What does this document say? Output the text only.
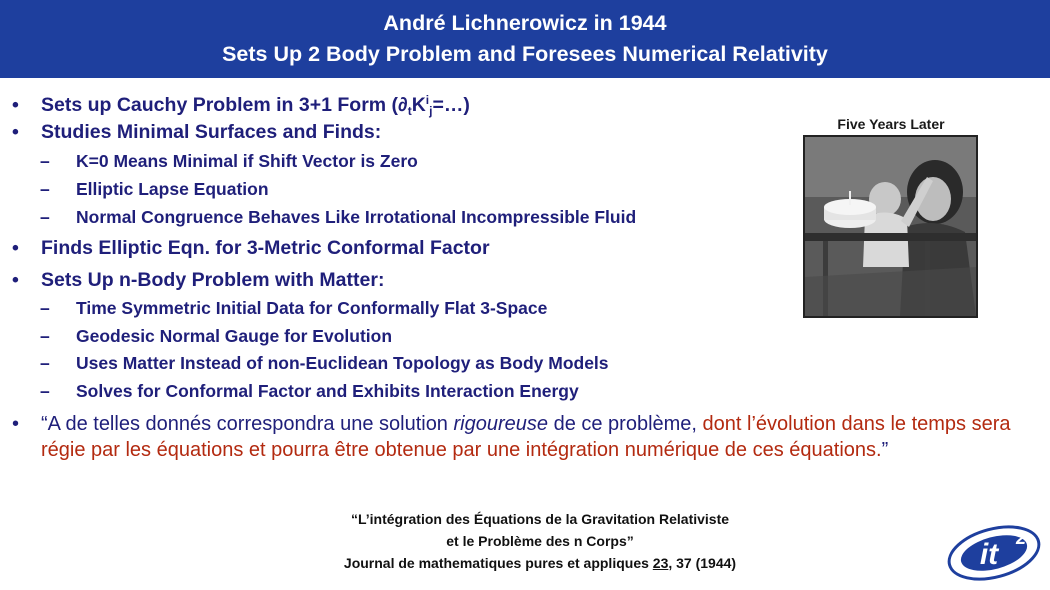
André Lichnerowicz in 1944
Sets Up 2 Body Problem and Foresees Numerical Relativity
Five Years Later
• Sets up Cauchy Problem in 3+1 Form $(\partial_tK^i_j=\dots)$
• Studies Minimal Surfaces and Finds:
– K=0 Means Minimal if Shift Vector is Zero
– Elliptic Lapse Equation
– Normal Congruence Behaves Like Irrotational Incompressible Fluid
• Finds Elliptic Eqn. for 3-Metric Conformal Factor
• Sets Up n-Body Problem with Matter:
– Time Symmetric Initial Data for Conformally Flat 3-Space
– Geodesic Normal Gauge for Evolution
– Uses Matter Instead of non-Euclidean Topology as Body Models
– Solves for Conformal Factor and Exhibits Interaction Energy
• “A de telles donnés correspondra une solution rigoureuse de ce problème, dont l’évolution dans le temps sera régie par les équations et pourra être obtenue par une intégration numérique de ces équations.”
“L’intégration des Équations de la Gravitation Relativiste
et le Problème des n Corps”
Journal de mathematiques pures et appliques 23, 37 (1944)	it 2
